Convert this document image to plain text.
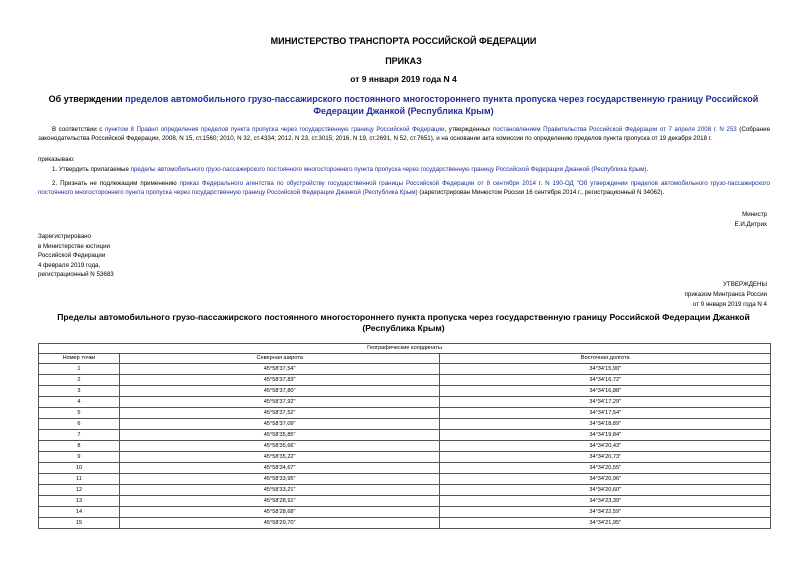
МИНИСТЕРСТВО ТРАНСПОРТА РОССИЙСКОЙ ФЕДЕРАЦИИ
ПРИКАЗ
от 9 января 2019 года N 4
Об утверждении пределов автомобильного грузо-пассажирского постоянного многостороннего пункта пропуска через государственную границу Российской Федерации Джанкой (Республика Крым)
В соответствии с пунктом 8 Правил определения пределов пункта пропуска через государственную границу Российской Федерации, утвержденных постановлением Правительства Российской Федерации от 7 апреля 2008 г. N 253 (Собрание законодательства Российской Федерации, 2008, N 15, ст.1560; 2010, N 32, ст.4334; 2012, N 23, ст.3015; 2016, N 19, ст.2691, N 52, ст.7651), и на основании акта комиссии по определению пределов пункта пропуска от 19 декабря 2018 г.
приказываю:
1. Утвердить прилагаемые пределы автомобильного грузо-пассажирского постоянного многостороннего пункта пропуска через государственную границу Российской Федерации Джанкой (Республика Крым).
2. Признать не подлежащим применению приказ Федерального агентства по обустройству государственной границы Российской Федерации от 8 сентября 2014 г. N 190-ОД "Об утверждении пределов автомобильного грузо-пассажирского постоянного многостороннего пункта пропуска через государственную границу Российской Федерации Джанкой (Республика Крым) (зарегистрирован Минюстом России 16 сентября 2014 г., регистрационный N 34062).
Министр
Е.И.Дитрих
Зарегистрировано
в Министерстве юстиции
Российской Федерации
4 февраля 2019 года,
регистрационный N 53683
УТВЕРЖДЕНЫ
приказом Минтранса России
от 9 января 2019 года N 4
Пределы автомобильного грузо-пассажирского постоянного многостороннего пункта пропуска через государственную границу Российской Федерации Джанкой (Республика Крым)
Географические координаты		
Номер точки	Северная широта	Восточная долгота
1	45°58'37,54"	34°34'15,90"
2	45°58'37,83"	34°34'16,72"
3	45°58'37,80"	34°34'16,88"
4	45°58'37,92"	34°34'17,29"
5	45°58'37,52"	34°34'17,54"
6	45°58'37,09"	34°34'18,89"
7	45°58'35,85"	34°34'19,84"
8	45°58'35,66"	34°34'20,43"
9	45°58'35,22"	34°34'20,73"
10	45°58'34,67"	34°34'20,55"
11	45°58'33,95"	34°34'20,96"
12	45°58'33,21"	34°34'20,60"
13	45°58'28,91"	34°34'23,39"
14	45°58'28,68"	34°34'22,59"
15	45°58'29,70"	34°34'21,95"
